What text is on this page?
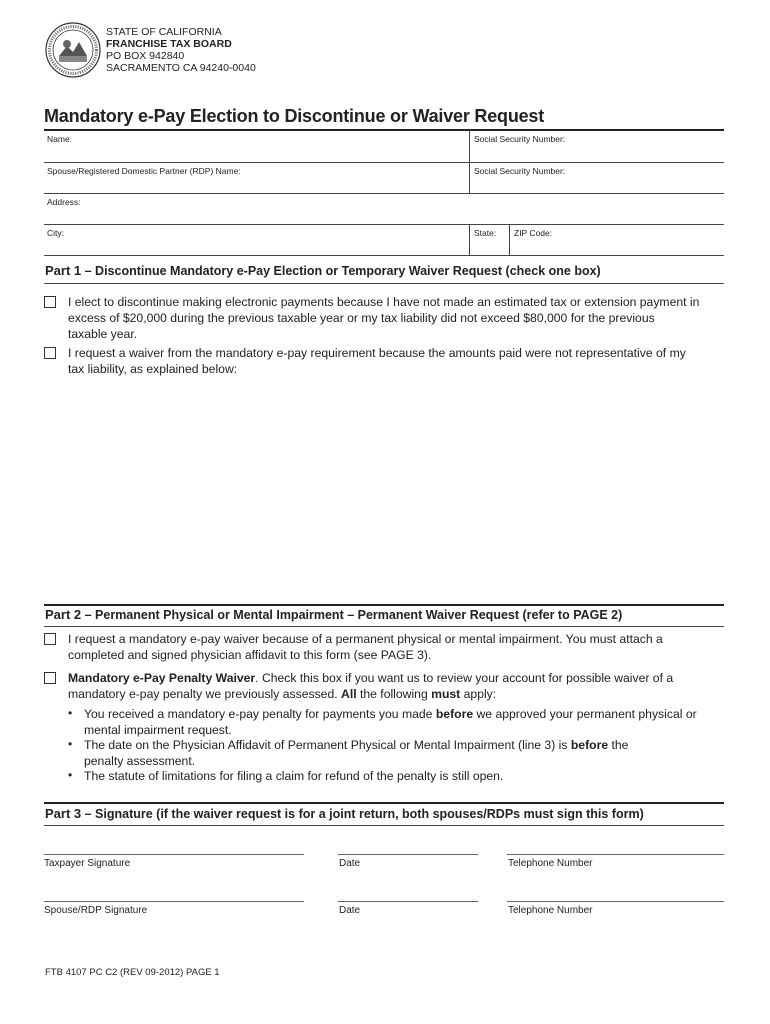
STATE OF CALIFORNIA
FRANCHISE TAX BOARD
PO BOX 942840
SACRAMENTO CA 94240-0040
Mandatory e-Pay Election to Discontinue or Waiver Request
Name:	Social Security Number:
Spouse/Registered Domestic Partner (RDP) Name:	Social Security Number:
Address:
City:	State: ZIP Code:
Part 1 – Discontinue Mandatory e-Pay Election or Temporary Waiver Request (check one box)
I elect to discontinue making electronic payments because I have not made an estimated tax or extension payment in
excess of $20,000 during the previous taxable year or my tax liability did not exceed $80,000 for the previous
taxable year.
I request a waiver from the mandatory e-pay requirement because the amounts paid were not representative of my
tax liability, as explained below:
Part 2 – Permanent Physical or Mental Impairment – Permanent Waiver Request (refer to PAGE 2)
I request a mandatory e-pay waiver because of a permanent physical or mental impairment. You must attach a
completed and signed physician affidavit to this form (see PAGE 3).
Mandatory e-Pay Penalty Waiver. Check this box if you want us to review your account for possible waiver of a
mandatory e-pay penalty we previously assessed. All the following must apply:
• You received a mandatory e-pay penalty for payments you made before we approved your permanent physical or
mental impairment request.
• The date on the Physician Affidavit of Permanent Physical or Mental Impairment (line 3) is before the
penalty assessment.
• The statute of limitations for filing a claim for refund of the penalty is still open.
Part 3 – Signature (if the waiver request is for a joint return, both spouses/RDPs must sign this form)
Taxpayer Signature	Date	Telephone Number
Spouse/RDP Signature	Date	Telephone Number
FTB 4107 PC C2 (REV 09-2012) PAGE 1
